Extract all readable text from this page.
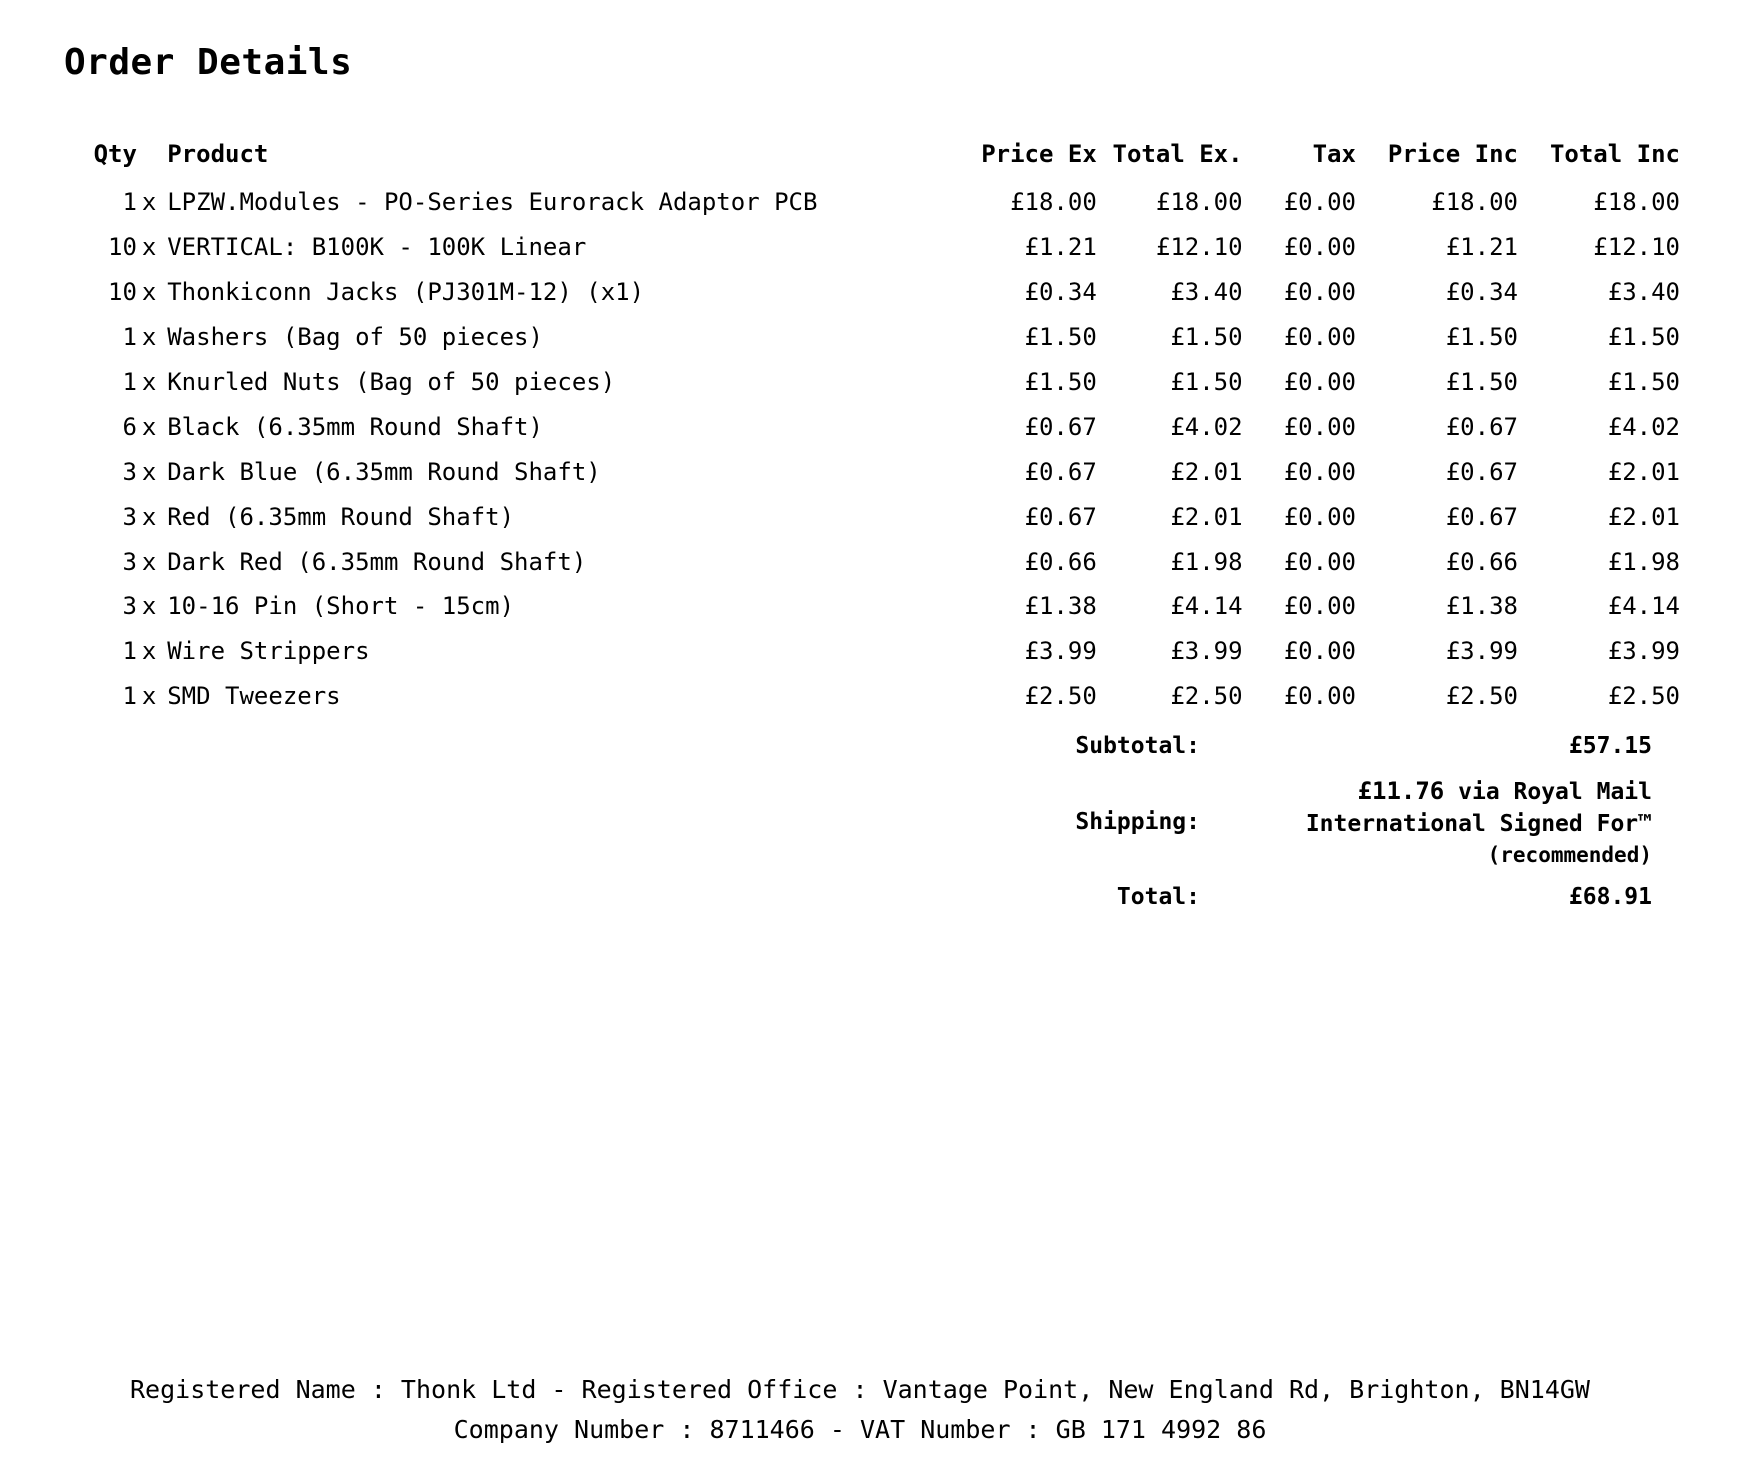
Order Details
Qty		Product	Price Ex	Total Ex.	Tax	Price Inc	Total Inc
1	x	LPZW.Modules - PO-Series Eurorack Adaptor PCB	£18.00	£18.00	£0.00	£18.00	£18.00
10	x	VERTICAL: B100K - 100K Linear	£1.21	£12.10	£0.00	£1.21	£12.10
10	x	Thonkiconn Jacks (PJ301M-12) (x1)	£0.34	£3.40	£0.00	£0.34	£3.40
1	x	Washers (Bag of 50 pieces)	£1.50	£1.50	£0.00	£1.50	£1.50
1	x	Knurled Nuts (Bag of 50 pieces)	£1.50	£1.50	£0.00	£1.50	£1.50
6	x	Black (6.35mm Round Shaft)	£0.67	£4.02	£0.00	£0.67	£4.02
3	x	Dark Blue (6.35mm Round Shaft)	£0.67	£2.01	£0.00	£0.67	£2.01
3	x	Red (6.35mm Round Shaft)	£0.67	£2.01	£0.00	£0.67	£2.01
3	x	Dark Red (6.35mm Round Shaft)	£0.66	£1.98	£0.00	£0.66	£1.98
3	x	10-16 Pin (Short - 15cm)	£1.38	£4.14	£0.00	£1.38	£4.14
1	x	Wire Strippers	£3.99	£3.99	£0.00	£3.99	£3.99
1	x	SMD Tweezers	£2.50	£2.50	£0.00	£2.50	£2.50
Subtotal:	£57.15
Shipping:	£11.76 via Royal Mail
International Signed For™
(recommended)

Total:	£68.91
Registered Name : Thonk Ltd - Registered Office : Vantage Point, New England Rd, Brighton, BN14GW
Company Number : 8711466 - VAT Number : GB 171 4992 86
